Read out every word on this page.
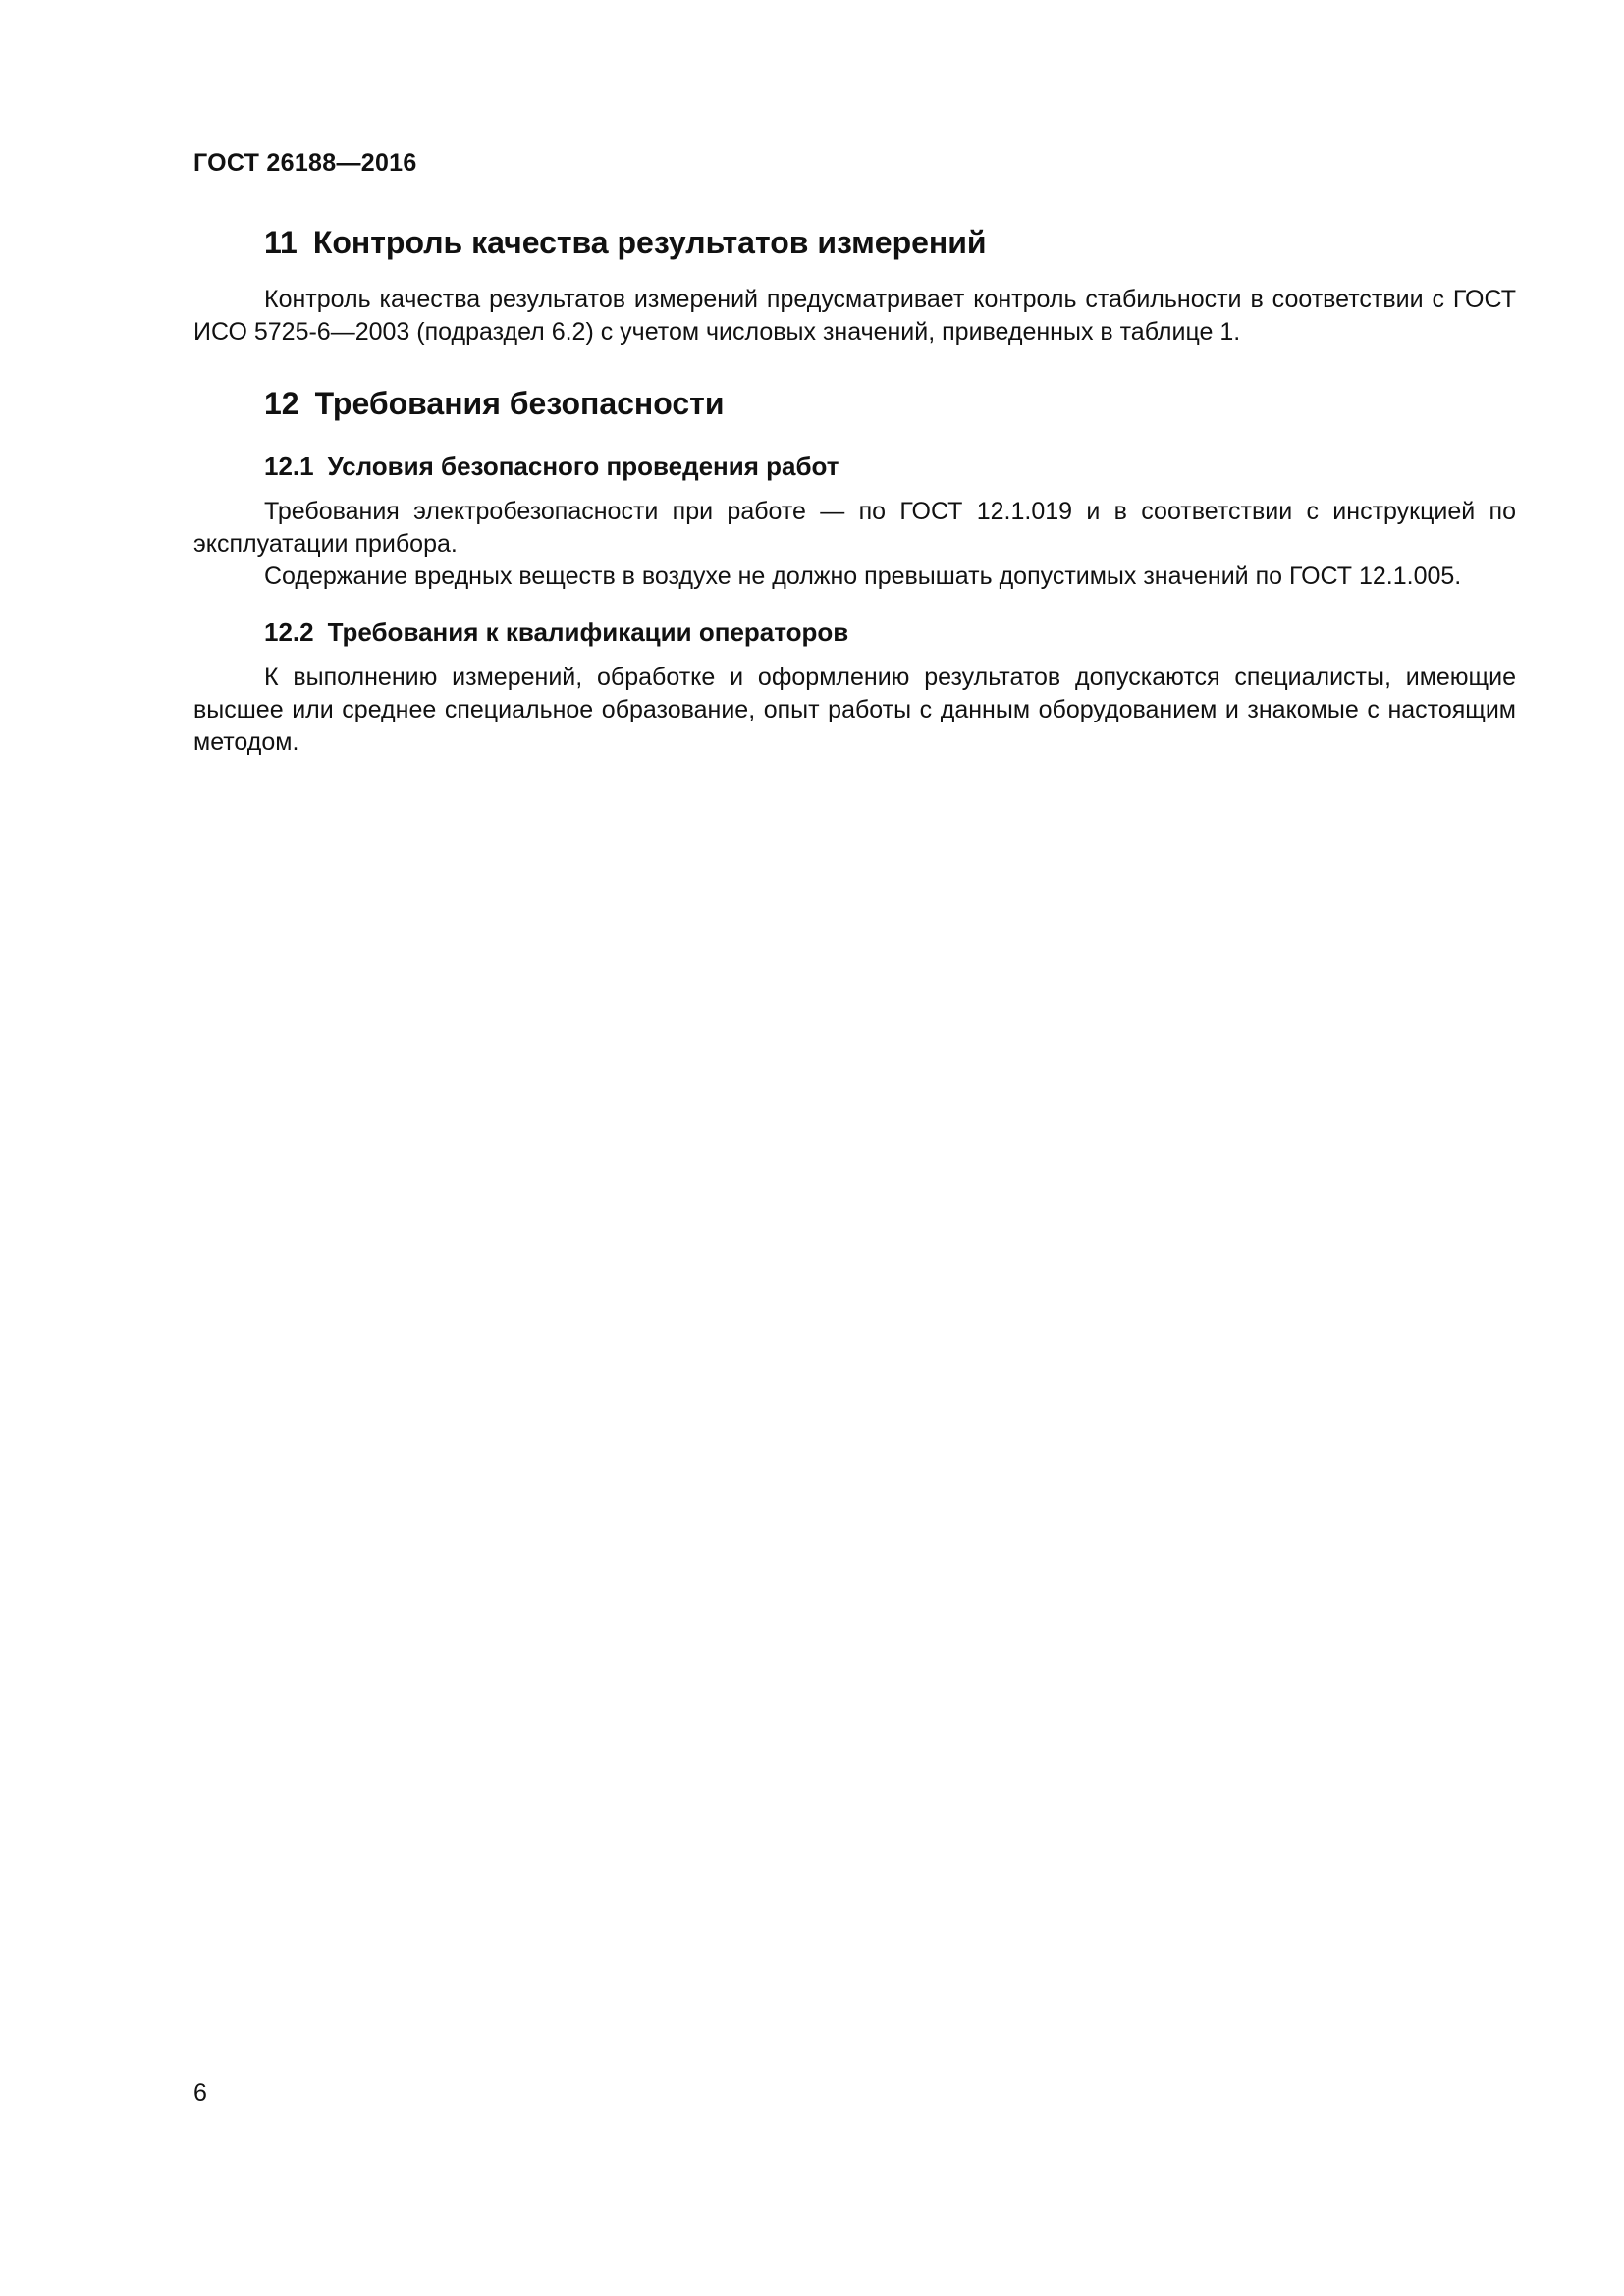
ГОСТ 26188—2016
11 Контроль качества результатов измерений

Контроль качества результатов измерений предусматривает контроль стабильности в соответствии с ГОСТ ИСО 5725-6—2003 (подраздел 6.2) с учетом числовых значений, приведенных в таблице 1.

12 Требования безопасности
12.1 Условия безопасного проведения работ

Требования электробезопасности при работе — по ГОСТ 12.1.019 и в соответствии с инструкцией по эксплуатации прибора.

Содержание вредных веществ в воздухе не должно превышать допустимых значений по ГОСТ 12.1.005.

12.2 Требования к квалификации операторов

К выполнению измерений, обработке и оформлению результатов допускаются специалисты, имеющие высшее или среднее специальное образование, опыт работы с данным оборудованием и знакомые с настоящим методом.

6
